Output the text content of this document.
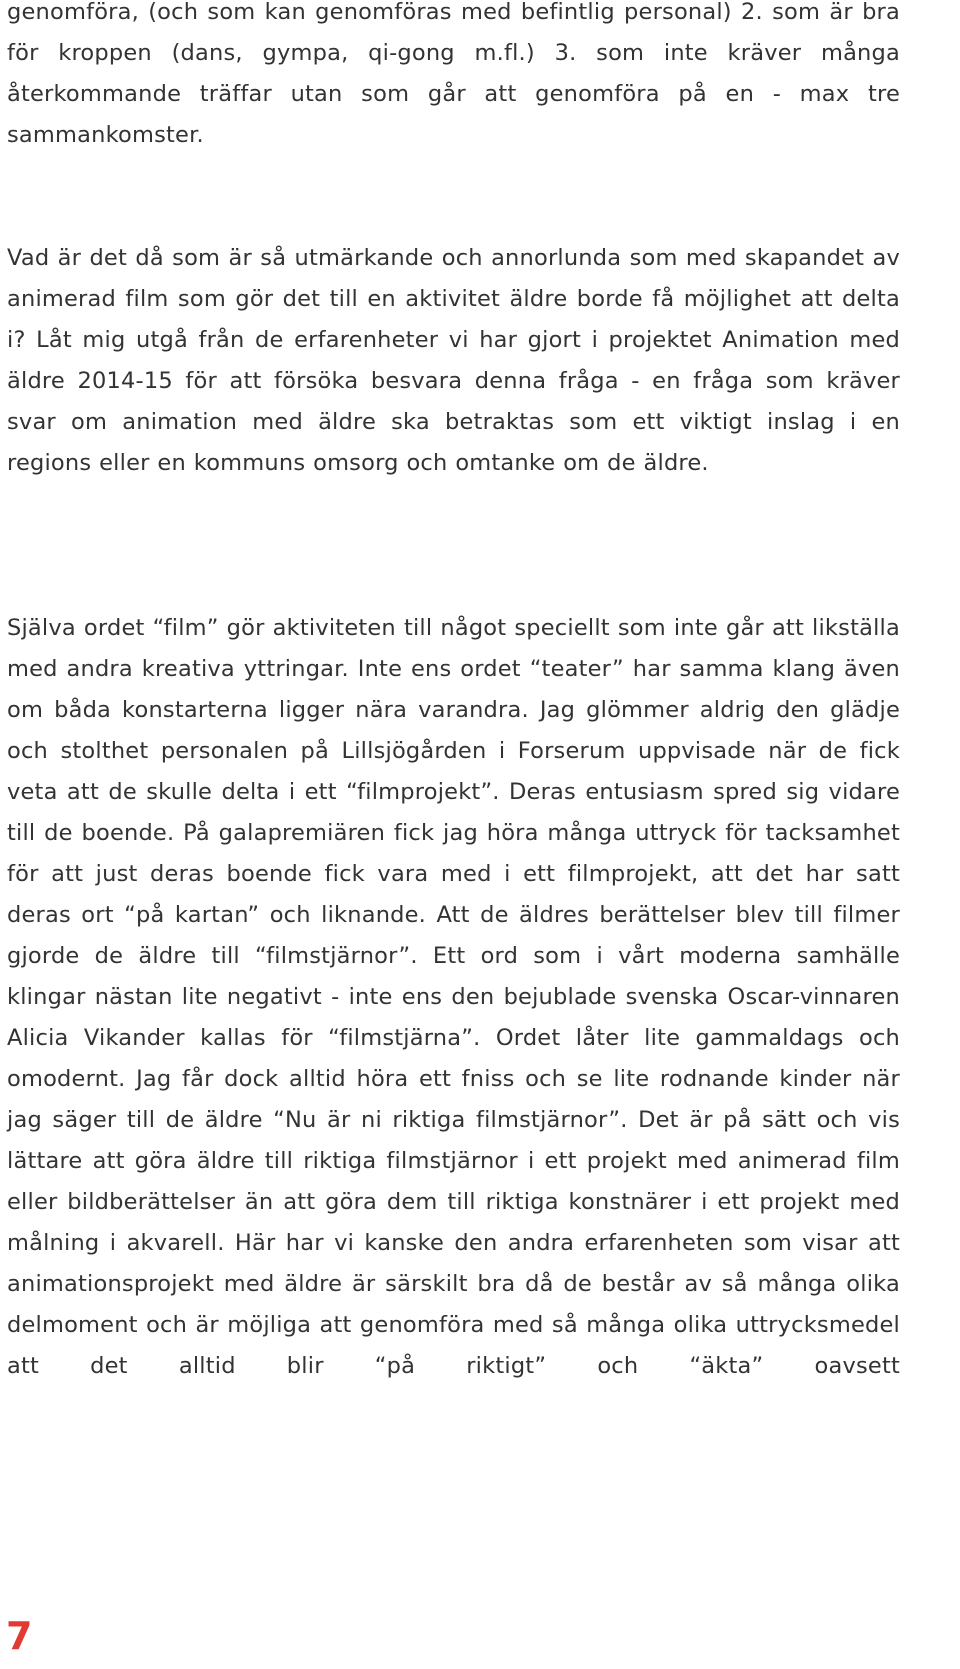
genomföra, (och som kan genomföras med befintlig personal) 2. som är bra för kroppen (dans, gympa, qi-gong m.fl.) 3. som inte kräver många återkommande träffar utan som går att genomföra på en - max tre sammankomster.

Vad är det då som är så utmärkande och annorlunda som med skapandet av animerad film som gör det till en aktivitet äldre borde få möjlighet att delta i? Låt mig utgå från de erfarenheter vi har gjort i projektet Animation med äldre 2014-15 för att försöka besvara denna fråga - en fråga som kräver svar om animation med äldre ska betraktas som ett viktigt inslag i en regions eller en kommuns omsorg och omtanke om de äldre.

Själva ordet “film” gör aktiviteten till något speciellt som inte går att likställa med andra kreativa yttringar. Inte ens ordet “teater” har samma klang även om båda konstarterna ligger nära varandra. Jag glömmer aldrig den glädje och stolthet personalen på Lillsjögården i Forserum uppvisade när de fick veta att de skulle delta i ett “filmprojekt”. Deras entusiasm spred sig vidare till de boende. På galapremiären fick jag höra många uttryck för tacksamhet för att just deras boende fick vara med i ett filmprojekt, att det har satt deras ort “på kartan” och liknande. Att de äldres berättelser blev till filmer gjorde de äldre till “filmstjärnor”. Ett ord som i vårt moderna samhälle klingar nästan lite negativt - inte ens den bejublade svenska Oscar-vinnaren Alicia Vikander kallas för “filmstjärna”. Ordet låter lite gammaldags och omodernt. Jag får dock alltid höra ett fniss och se lite rodnande kinder när jag säger till de äldre “Nu är ni riktiga filmstjärnor”. Det är på sätt och vis lättare att göra äldre till riktiga filmstjärnor i ett projekt med animerad film eller bildberättelser än att göra dem till riktiga konstnärer i ett projekt med målning i akvarell. Här har vi kanske den andra erfarenheten som visar att animationsprojekt med äldre är särskilt bra då de består av så många olika delmoment och är möjliga att genomföra med så många olika uttrycksmedel att det alltid blir “på riktigt” och “äkta” oavsett

7
